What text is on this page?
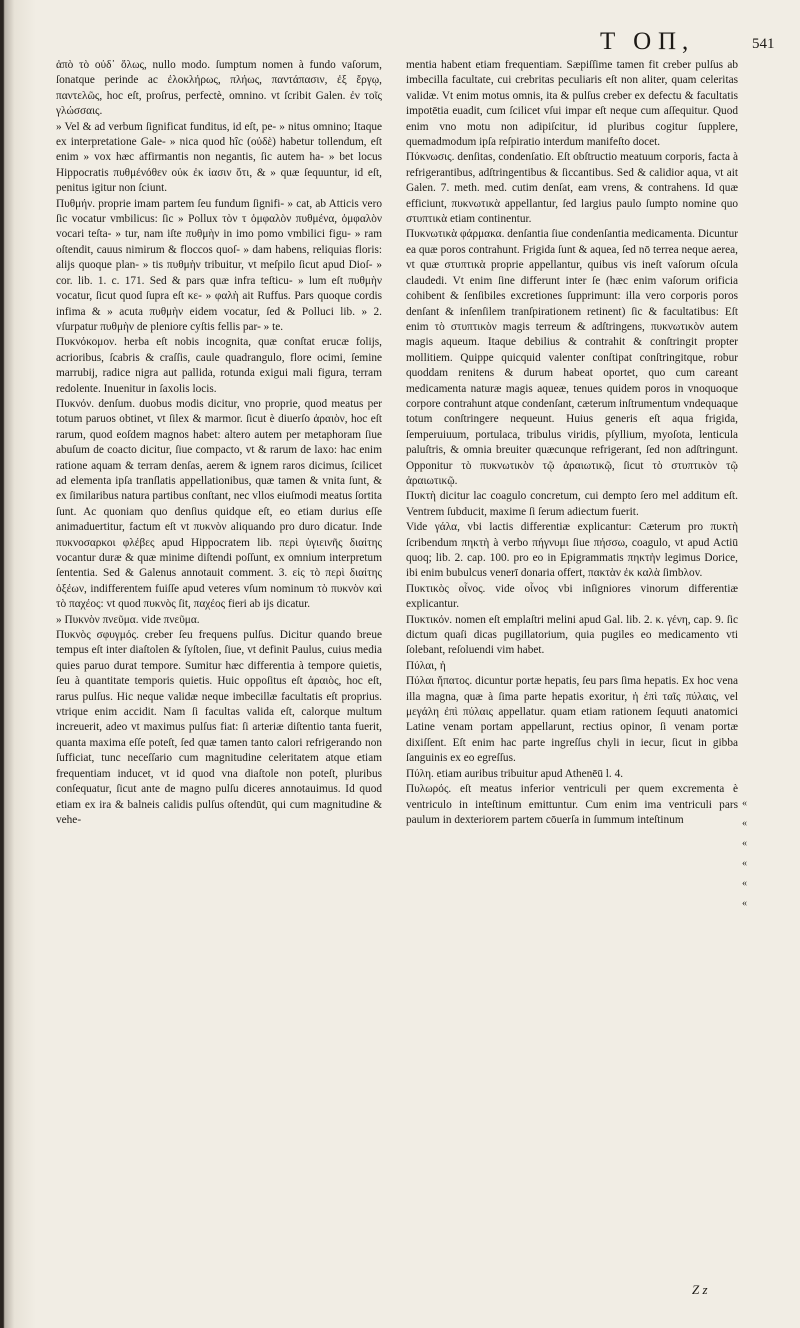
T O Π,	541

ἀπὸ τὸ οὐδ᾽ ὅλως, nullo modo. ſumptum nomen à fundo vaſorum, ſonatque perinde ac ἐλοκλήρως, πλήως, παντάπασιν, ἐξ ἔργῳ, παντελῶς, hoc eſt, proſrus, perfectè, omnino. vt ſcribit Galen. ἐν τοῖς γλώσσαις.

» Vel & ad verbum ſignificat funditus, id eſt, pe- » nitus omnino; Itaque ex interpretatione Gale- » nica quod hîc (οὐδὲ) habetur tollendum, eſt enim » vox hæc affirmantis non negantis, ſic autem ha- » bet locus Hippocratis πυθμένόθεν οὐκ ἐκ ἰασιν ὅτι, & » quæ ſequuntur, id eſt, penitus igitur non ſciunt.

Πυθμήν. proprie imam partem ſeu fundum ſignifi- » cat, ab Atticis vero ſic vocatur vmbilicus: ſic » Pollux τὸν τ ὀμφαλὸν πυθμένα, ὀμφαλὸν vocari teſta- » tur, nam iſte πυθμὴν in imo pomo vmbilici figu- » ram oſtendit, cauus nimirum & floccos quoſ- » dam habens, reliquias floris: alijs quoque plan- » tis πυθμὴν tribuitur, vt meſpilo ſicut apud Dioſ- » cor. lib. 1. c. 171. Sed & pars quæ infra teſticu- » lum eſt πυθμὴν vocatur, ſicut quod ſupra eſt κε- » φαλὴ ait Ruffus. Pars quoque cordis infima & » acuta πυθμὴν eidem vocatur, ſed & Polluci lib. » 2. vſurpatur πυθμὴν de pleniore cyſtis fellis par- » te.

Πυκνόκομον. herba eſt nobis incognita, quæ conſtat erucæ folijs, acrioribus, ſcabris & craſſis, caule quadrangulo, flore ocimi, ſemine marrubij, radice nigra aut pallida, rotunda exigui mali figura, terram redolente. Inuenitur in ſaxolis locis.

Πυκνόν. denſum. duobus modis dicitur, vno proprie, quod meatus per totum paruos obtinet, vt ſilex & marmor. ſicut è diuerſo ἀραιὸν, hoc eſt rarum, quod eoſdem magnos habet: altero autem per metaphoram ſiue abuſum de coacto dicitur, ſiue compacto, vt & rarum de laxo: hac enim ratione aquam & terram denſas, aerem & ignem raros dicimus, ſcilicet ad elementa ipſa tranſlatis appellationibus, quæ tamen & vnita ſunt, & ex ſimilaribus natura partibus conſtant, nec vllos eiuſmodi meatus ſortita ſunt. Ac quoniam quo denſius quidque eſt, eo etiam durius eſſe animaduertitur, factum eſt vt πυκνὸν aliquando pro duro dicatur. Inde πυκνοσαρκοι φλέβες apud Hippocratem lib. περὶ ὑγιεινῆς διαίτης vocantur duræ & quæ minime diſtendi poſſunt, ex omnium interpretum ſententia. Sed & Galenus annotauit comment. 3. εἰς τὸ περὶ διαίτης ὀξέων, indifferentem fuiſſe apud veteres vſum nominum τὸ πυκνὸν καὶ τὸ παχέος: vt quod πυκνὸς ſit, παχέος fieri ab ijs dicatur.

» Πυκνὸν πνεῦμα. vide πνεῦμα.

Πυκνὸς σφυγμός. creber ſeu frequens pulſus. Dicitur quando breue tempus eſt inter diaſtolen & ſyſtolen, ſiue, vt definit Paulus, cuius media quies paruo durat tempore. Sumitur hæc differentia à tempore quietis, ſeu à quantitate temporis quietis. Huic oppoſitus eſt ἀραιὸς, hoc eſt, rarus pulſus. Hic neque validæ neque imbecillæ facultatis eſt proprius. vtrique enim accidit. Nam ſi facultas valida eſt, calorque multum increuerit, adeo vt maximus pulſus fiat: ſi arteriæ diſtentio tanta fuerit, quanta maxima eſſe poteſt, ſed quæ tamen tanto calori refrigerando non ſufficiat, tunc neceſſario cum magnitudine celeritatem atque etiam frequentiam inducet, vt id quod vna diaſtole non poteſt, pluribus conſequatur, ſicut ante de magno pulſu diceres annotauimus. Id quod etiam ex ira & balneis calidis pulſus oſtendūt, qui cum magnitudine & vehe-

mentia habent etiam frequentiam. Sæpiſſime tamen fit creber pulſus ab imbecilla facultate, cui crebritas peculiaris eſt non aliter, quam celeritas validæ. Vt enim motus omnis, ita & pulſus creber ex defectu & facultatis impotētia euadit, cum ſcilicet vſui impar eſt neque cum aſſequitur. Quod enim vno motu non adipiſcitur, id pluribus cogitur ſupplere, quemadmodum ipſa reſpiratio interdum manifeſto docet.

Πύκνωσις. denſitas, condenſatio. Eſt obſtructio meatuum corporis, facta à refrigerantibus, adſtringentibus & ſiccantibus. Sed & calidior aqua, vt ait Galen. 7. meth. med. cutim denſat, eam vrens, & contrahens. Id quæ efficiunt, πυκνωτικὰ appellantur, ſed largius paulo ſumpto nomine quo στυπτικὰ etiam continentur.

Πυκνωτικὰ φάρμακα. denſantia ſiue condenſantia medicamenta. Dicuntur ea quæ poros contrahunt. Frigida ſunt & aquea, ſed nō terrea neque aerea, vt quæ στυπτικὰ proprie appellantur, quibus vis ineſt vaſorum oſcula claudedi. Vt enim ſine differunt inter ſe (hæc enim vaſorum orificia cohibent & ſenſibiles excretiones ſupprimunt: illa vero corporis poros denſant & inſenſilem tranſpirationem retinent) ſic & facultatibus: Eſt enim τὸ στυπτικὸν magis terreum & adſtringens, πυκνωτικὸν autem magis aqueum. Itaque debilius & contrahit & conſtringit propter mollitiem. Quippe quicquid valenter conſtipat conſtringitque, robur quoddam renitens & durum habeat oportet, quo cum careant medicamenta naturæ magis aqueæ, tenues quidem poros in vnoquoque corpore contrahunt atque condenſant, cæterum inſtrumentum vndequaque totum conſtringere nequeunt. Huius generis eſt aqua frigida, ſemperuiuum, portulaca, tribulus viridis, pſyllium, myoſota, lenticula paluſtris, & omnia breuiter quæcunque refrigerant, ſed non adſtringunt. Opponitur τὸ πυκνωτικὸν τῷ ἀραιωτικῷ, ſicut τὸ στυπτικὸν τῷ ἀραιωτικῷ.

Πυκτὴ dicitur lac coagulo concretum, cui dempto ſero mel additum eſt. Ventrem ſubducit, maxime ſi ſerum adiectum fuerit.

Vide γάλα, vbi lactis differentiæ explicantur: Cæterum pro πυκτὴ ſcribendum πηκτὴ à verbo πήγνυμι ſiue πήσσω, coagulo, vt apud Actiū quoq; lib. 2. cap. 100. pro eo in Epigrammatis πηκτὴν legimus Dorice, ibi enim bubulcus venerī donaria offert, πακτὰν ἐκ καλὰ ſimbλov.

Πυκτικὸς οἶνος. vide οἶνος vbi inſigniores vinorum differentiæ explicantur.

Πυκτικόν. nomen eſt emplaſtri melini apud Gal. lib. 2. κ. γένη, cap. 9. ſic dictum quaſi dicas pugillatorium, quia pugiles eo medicamento vti ſolebant, reſoluendi vim habet.

Πύλαι, ἡ

Πύλαι ἥπατος. dicuntur portæ hepatis, ſeu pars ſima hepatis. Ex hoc vena illa magna, quæ à ſima parte hepatis exoritur, ἡ ἐπὶ ταῖς πύλαις, vel μεγάλη ἐπὶ πύλαις appellatur. quam etiam rationem ſequuti anatomici Latine venam portam appellarunt, rectius opinor, ſi venam portæ dixiſſent. Eſt enim hac parte ingreſſus chyli in iecur, ſicut in gibba ſanguinis ex eo egreſſus.

Πύλη. etiam auribus tribuitur apud Athenēū l. 4.

Πυλωρός. eſt meatus inferior ventriculi per quem excrementa è ventriculo in inteſtinum emittuntur. Cum enim ima ventriculi pars paulum in dexteriorem partem cōuerſa in ſummum inteſtinum

«
«
«
«
«
«
Z z
